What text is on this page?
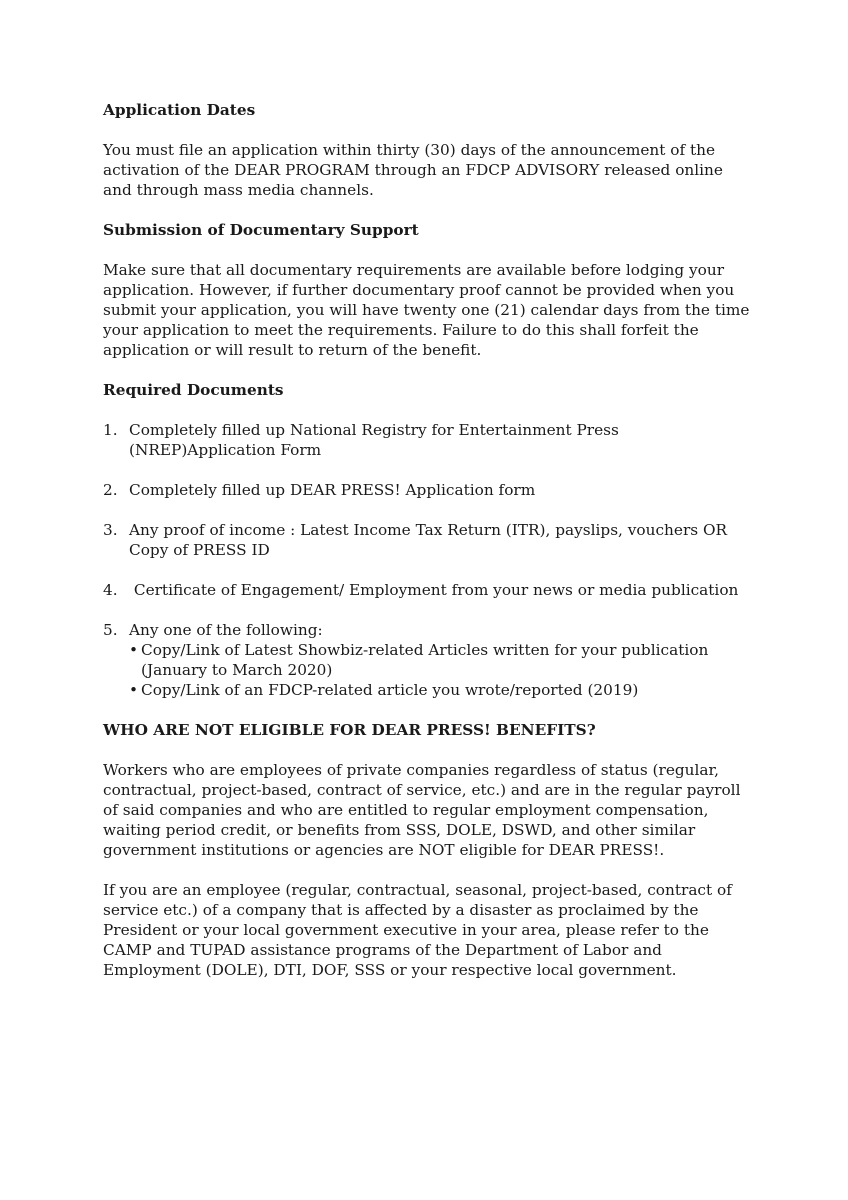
Application Dates
You must file an application within thirty (30) days of the announcement of the activation of the DEAR PROGRAM through an FDCP ADVISORY released online and through mass media channels.
Submission of Documentary Support
Make sure that all documentary requirements are available before lodging your application. However, if further documentary proof cannot be provided when you submit your application, you will have twenty one (21) calendar days from the time your application to meet the requirements. Failure to do this shall forfeit the application or will result to return of the benefit.
Required Documents
1. Completely filled up National Registry for Entertainment Press (NREP)Application Form
2. Completely filled up DEAR PRESS! Application form
3. Any proof of income : Latest Income Tax Return (ITR), payslips, vouchers OR Copy of PRESS ID
4. Certificate of Engagement/ Employment from your news or media publication
5. Any one of the following:
• Copy/Link of Latest Showbiz-related Articles written for your publication (January to March 2020)
• Copy/Link of an FDCP-related article you wrote/reported (2019)
WHO ARE NOT ELIGIBLE FOR DEAR PRESS! BENEFITS?
Workers who are employees of private companies regardless of status (regular, contractual, project-based, contract of service, etc.) and are in the regular payroll of said companies and who are entitled to regular employment compensation, waiting period credit, or benefits from SSS, DOLE, DSWD, and other similar government institutions or agencies are NOT eligible for DEAR PRESS!.
If you are an employee (regular, contractual, seasonal, project-based, contract of service etc.) of a company that is affected by a disaster as proclaimed by the President or your local government executive in your area, please refer to the CAMP and TUPAD assistance programs of the Department of Labor and Employment (DOLE), DTI, DOF, SSS or your respective local government.
